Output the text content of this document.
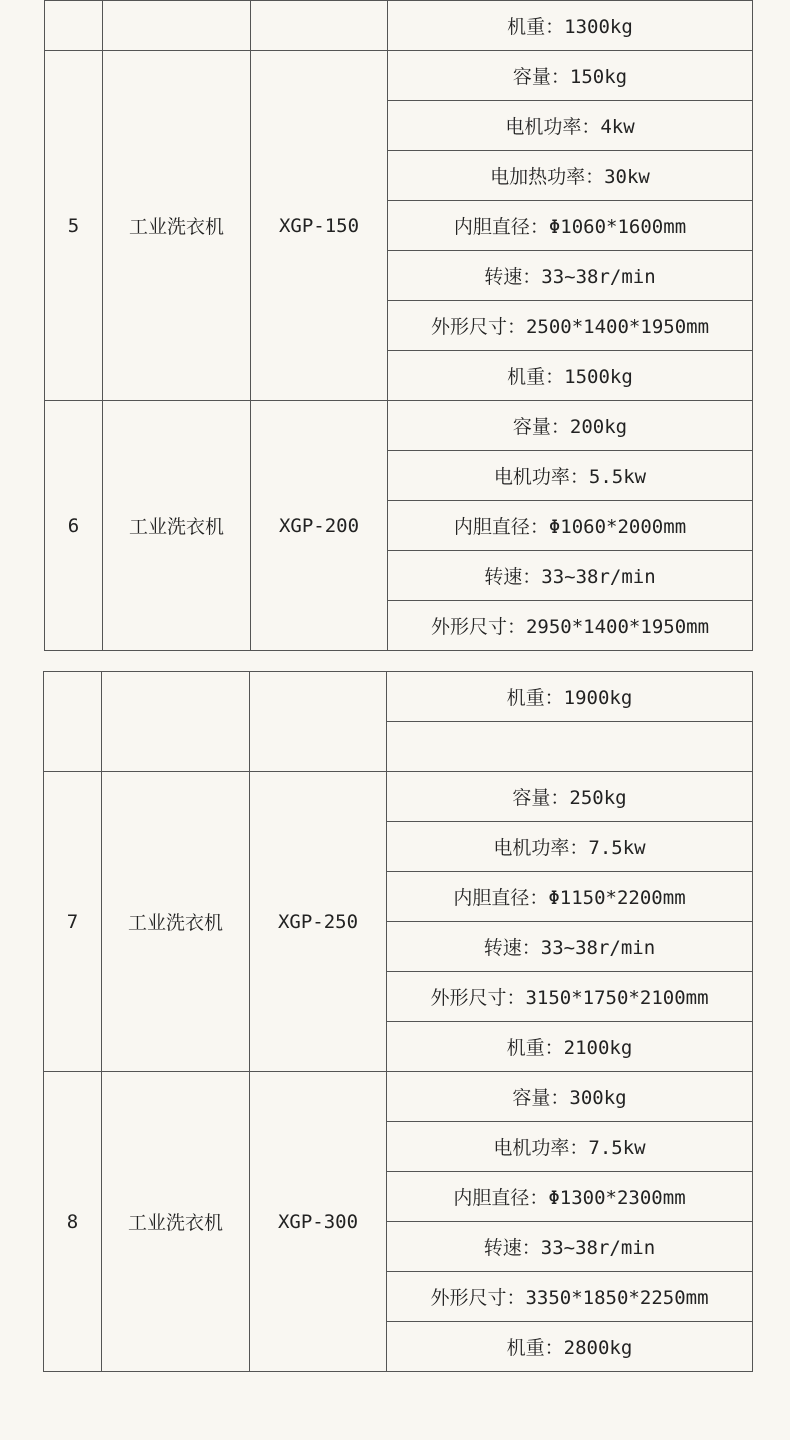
			机重：1300kg
5	工业洗衣机	XGP-150	容量：150kg
			电机功率：4kw
			电加热功率：30kw
			内胆直径：Φ1060*1600mm
			转速：33~38r/min
			外形尺寸：2500*1400*1950mm
			机重：1500kg
6	工业洗衣机	XGP-200	容量：200kg
			电机功率：5.5kw
			内胆直径：Φ1060*2000mm
			转速：33~38r/min
			外形尺寸：2950*1400*1950mm
			机重：1900kg

7	工业洗衣机	XGP-250	容量：250kg
			电机功率：7.5kw
			内胆直径：Φ1150*2200mm
			转速：33~38r/min
			外形尺寸：3150*1750*2100mm
			机重：2100kg
8	工业洗衣机	XGP-300	容量：300kg
			电机功率：7.5kw
			内胆直径：Φ1300*2300mm
			转速：33~38r/min
			外形尺寸：3350*1850*2250mm
			机重：2800kg
